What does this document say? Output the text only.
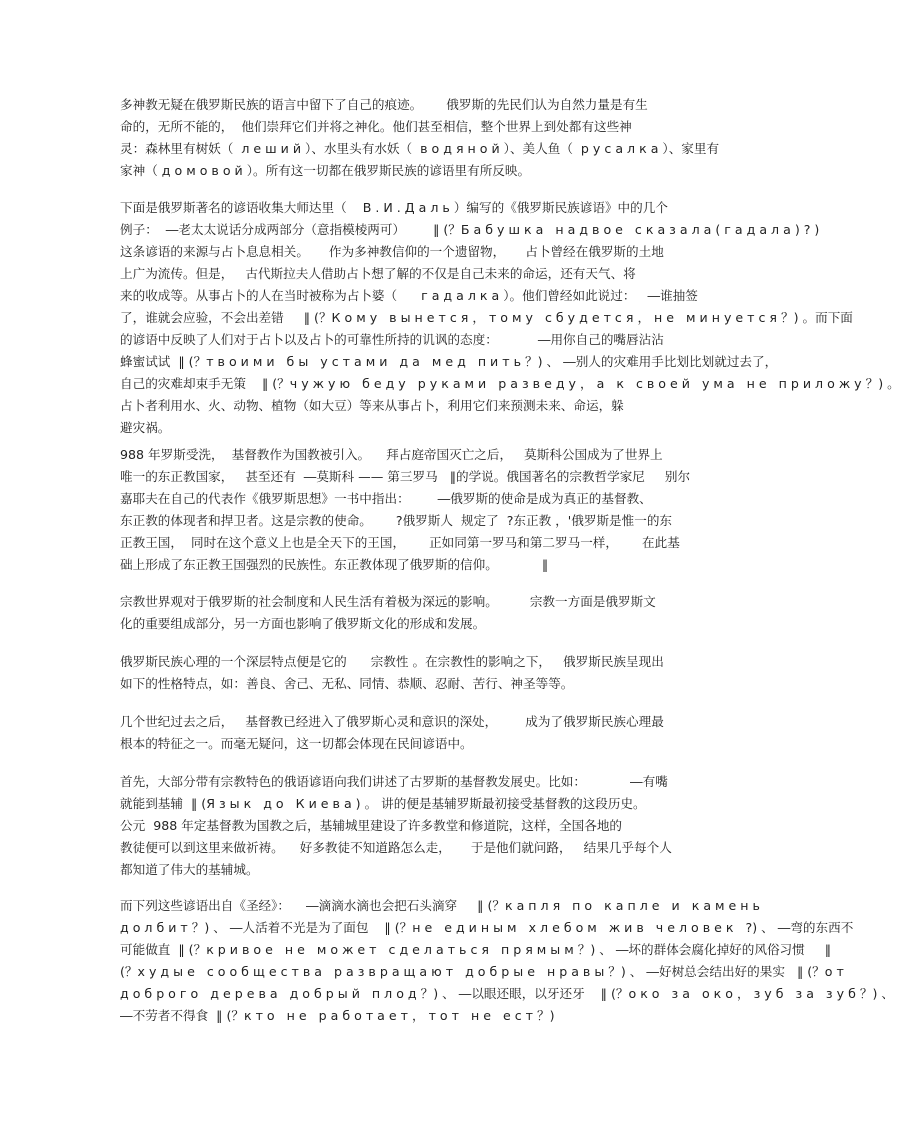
多神教无疑在俄罗斯民族的语言中留下了自己的痕迹。      俄罗斯的先民们认为自然力量是有生
命的，无所不能的，  他们崇拜它们并将之神化。他们甚至相信，整个世界上到处都有这些神
灵：森林里有树妖（  л е ш и й ）、水里头有水妖（  в о д я н о й ）、美人鱼（  р у с а л к а ）、家里有
家神（ д о м о в о й ）。所有这一切都在俄罗斯民族的谚语里有所反映。
下面是俄罗斯著名的谚语收集大师达里（    В . И . Д а л ь ）编写的《俄罗斯民族谚语》中的几个
例子：  ―老太太说话分成两部分（意指模棱两可）       ‖ (？Б а б у ш к а   н а д в о е   с к а з а л а ( г а д а л а ) ? )
这条谚语的来源与占卜息息相关。     作为多神教信仰的一个遗留物，     占卜曾经在俄罗斯的土地
上广为流传。但是，   古代斯拉夫人借助占卜想了解的不仅是自己未来的命运，还有天气、将
来的收成等。从事占卜的人在当时被称为占卜婆（      г а д а л к а ）。他们曾经如此说过：   ―谁抽签
了，谁就会应验，不会出差错     ‖ (？К о м у   в ы н е т с я ， т о м у   с б у д е т с я ， н е   м и н у е т с я ？) 。而下面
的谚语中反映了人们对于占卜以及占卜的可靠性所持的讥讽的态度：          ―用你自己的嘴唇沾沾
蜂蜜试试  ‖ (？т в о и м и   б ы   у с т а м и   д а   м е д   п и т ь ？) 、 ―别人的灾难用手比划比划就过去了，
自己的灾难却束手无策    ‖ (？ч у ж у ю   б е д у   р у к а м и   р а з в е д у ， а   к   с в о е й   у м а   н е   п р и л о ж у ？) 。
占卜者利用水、火、动物、植物（如大豆）等来从事占卜，利用它们来预测未来、命运，躲
避灾祸。
988 年罗斯受洗，  基督教作为国教被引入。    拜占庭帝国灭亡之后，   莫斯科公国成为了世界上
唯一的东正教国家，   甚至还有  ―莫斯科 —— 第三罗马   ‖的学说。俄国著名的宗教哲学家尼     别尔
嘉耶夫在自己的代表作《俄罗斯思想》一书中指出：       ―俄罗斯的使命是成为真正的基督教、
东正教的体现者和捍卫者。这是宗教的使命。      ?俄罗斯人  规定了  ?东正教 ，'俄罗斯是惟一的东
正教王国，  同时在这个意义上也是全天下的王国，      正如同第一罗马和第二罗马一样，      在此基
础上形成了东正教王国强烈的民族性。东正教体现了俄罗斯的信仰。           ‖
宗教世界观对于俄罗斯的社会制度和人民生活有着极为深远的影响。        宗教一方面是俄罗斯文
化的重要组成部分，另一方面也影响了俄罗斯文化的形成和发展。
俄罗斯民族心理的一个深层特点便是它的      宗教性 。在宗教性的影响之下，   俄罗斯民族呈现出
如下的性格特点，如：善良、舍己、无私、同情、恭顺、忍耐、苦行、神圣等等。
几个世纪过去之后，   基督教已经进入了俄罗斯心灵和意识的深处，       成为了俄罗斯民族心理最
根本的特征之一。而毫无疑问，这一切都会体现在民间谚语中。
首先，大部分带有宗教特色的俄语谚语向我们讲述了古罗斯的基督教发展史。比如：           ―有嘴
就能到基辅  ‖ (Я з ы к   д о   К и е в а ) 。 讲的便是基辅罗斯最初接受基督教的这段历史。
公元  988 年定基督教为国教之后，基辅城里建设了许多教堂和修道院，这样，全国各地的
教徒便可以到这里来做祈祷。    好多教徒不知道路怎么走，     于是他们就问路，   结果几乎每个人
都知道了伟大的基辅城。
而下列这些谚语出自《圣经》：    ―滴滴水滴也会把石头滴穿     ‖ (？к а п л я   п о   к а п л е   и   к а м е н ь
д о л б и т ？) 、 ―人活着不光是为了面包    ‖ (？н е   е д и н ы м   х л е б о м   ж и в   ч е л о в е к   ?) 、 ―弯的东西不
可能做直  ‖ (？к р и в о е   н е   м о ж е т   с д е л а т ь с я   п р я м ы м ？) 、 ―坏的群体会腐化掉好的风俗习惯     ‖
(？х у д ы е   с о о б щ е с т в а   р а з в р а щ а ю т   д о б р ы е   н р а в ы ？) 、 ―好树总会结出好的果实   ‖ (？о т
д о б р о г о   д е р е в а   д о б р ы й   п л о д ？) 、 ―以眼还眼，以牙还牙    ‖ (？о к о   з а   о к о ， з у б   з а   з у б ？) 、
―不劳者不得食  ‖ (？к т о   н е   р а б о т а е т ， т о т   н е   е с т ？)
